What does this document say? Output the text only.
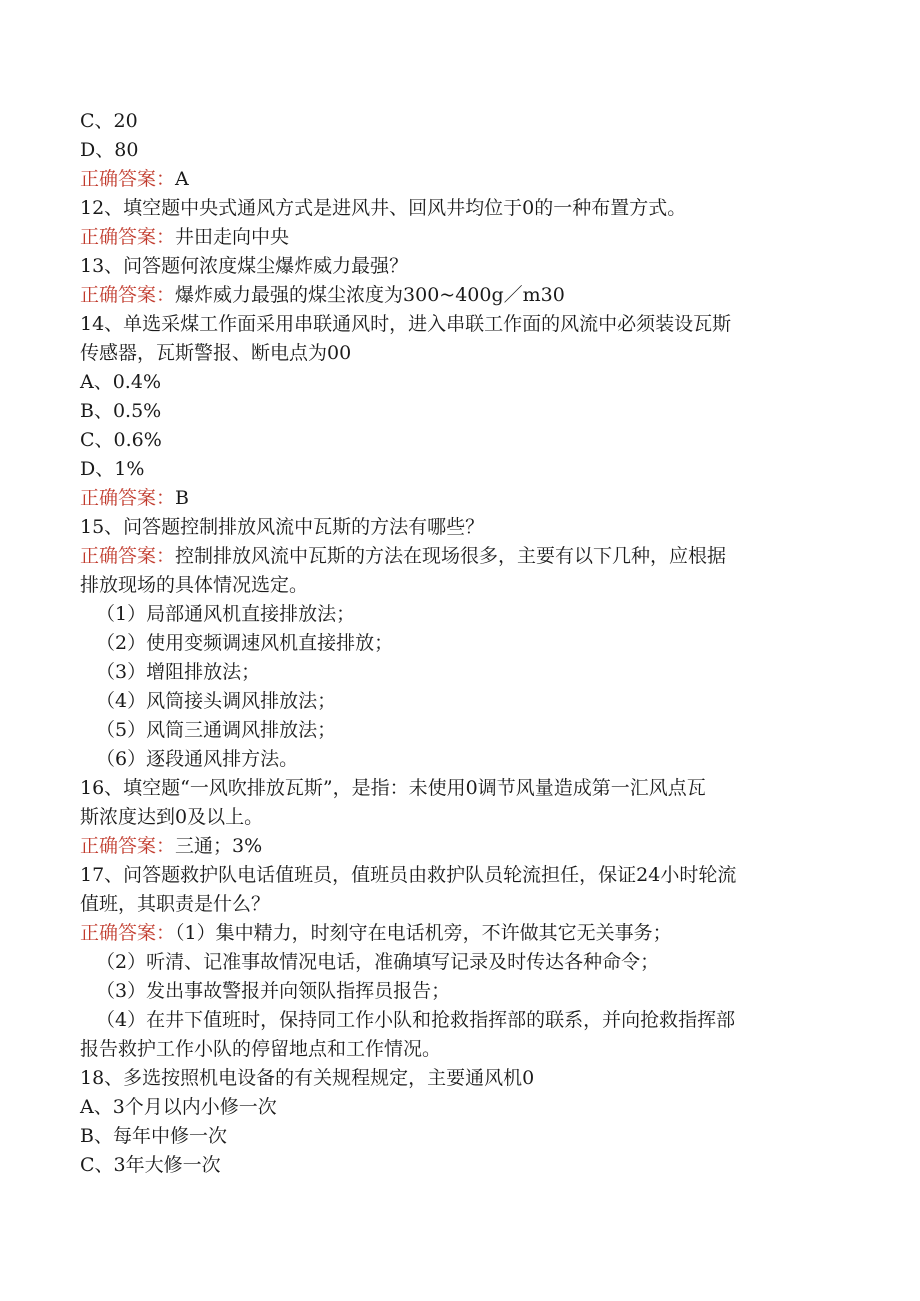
C、20
D、80
正确答案：A
12、填空题中央式通风方式是进风井、回风井均位于0的一种布置方式。
正确答案：井田走向中央
13、问答题何浓度煤尘爆炸威力最强？
正确答案：爆炸威力最强的煤尘浓度为300~400g／m30
14、单选采煤工作面采用串联通风时，进入串联工作面的风流中必须装设瓦斯
传感器，瓦斯警报、断电点为00
A、0.4%
B、0.5%
C、0.6%
D、1%
正确答案：B
15、问答题控制排放风流中瓦斯的方法有哪些？
正确答案：控制排放风流中瓦斯的方法在现场很多，主要有以下几种，应根据
排放现场的具体情况选定。
（1）局部通风机直接排放法；
（2）使用变频调速风机直接排放；
（3）增阻排放法；
（4）风筒接头调风排放法；
（5）风筒三通调风排放法；
（6）逐段通风排方法。
16、填空题“一风吹排放瓦斯”，是指：未使用0调节风量造成第一汇风点瓦
斯浓度达到0及以上。
正确答案：三通；3%
17、问答题救护队电话值班员，值班员由救护队员轮流担任，保证24小时轮流
值班，其职责是什么？
正确答案：（1）集中精力，时刻守在电话机旁，不许做其它无关事务；
（2）听清、记准事故情况电话，准确填写记录及时传达各种命令；
（3）发出事故警报并向领队指挥员报告；
（4）在井下值班时，保持同工作小队和抢救指挥部的联系，并向抢救指挥部
报告救护工作小队的停留地点和工作情况。
18、多选按照机电设备的有关规程规定，主要通风机0
A、3个月以内小修一次
B、每年中修一次
C、3年大修一次
